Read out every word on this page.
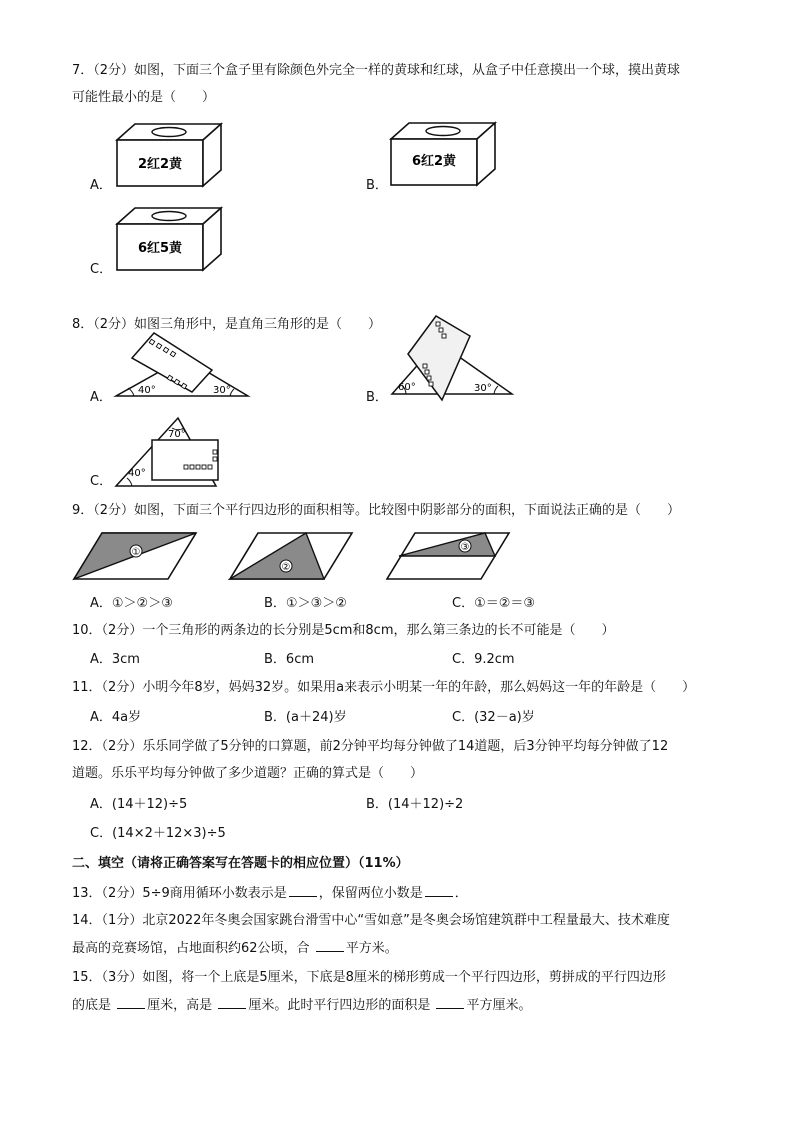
7．（2分）如图，下面三个盒子里有除颜色外完全一样的黄球和红球，从盒子中任意摸出一个球，摸出黄球
可能性最小的是（　　）
A．
2红2黄
B．
6红2黄
C．
6红5黄
8．（2分）如图三角形中，是直角三角形的是（　　）
A．	40°	30°	B．
60°	30°
C．
70°
40°
9．（2分）如图，下面三个平行四边形的面积相等。比较图中阴影部分的面积，下面说法正确的是（　　）
①
②
③
A．①＞②＞③	B．①＞③＞②	C．①＝②＝③
10．（2分）一个三角形的两条边的长分别是5cm和8cm，那么第三条边的长不可能是（　　）
A．3cm	B．6cm	C．9.2cm
11．（2分）小明今年8岁，妈妈32岁。如果用a来表示小明某一年的年龄，那么妈妈这一年的年龄是（　　）
A．4a岁	B．(a＋24)岁	C．(32－a)岁
12．（2分）乐乐同学做了5分钟的口算题，前2分钟平均每分钟做了14道题，后3分钟平均每分钟做了12
道题。乐乐平均每分钟做了多少道题？正确的算式是（　　）
A．(14＋12)÷5	B．(14＋12)÷2
C．(14×2＋12×3)÷5
二、填空（请将正确答案写在答题卡的相应位置）（11%）
13．（2分）5÷9商用循环小数表示是 ，保留两位小数是 ．
14．（1分）北京2022年冬奥会国家跳台滑雪中心“雪如意”是冬奥会场馆建筑群中工程量最大、技术难度
最高的竞赛场馆，占地面积约62公顷，合	平方米。
15．（3分）如图，将一个上底是5厘米，下底是8厘米的梯形剪成一个平行四边形，剪拼成的平行四边形
的底是	厘米，高是	厘米。此时平行四边形的面积是	平方厘米。
